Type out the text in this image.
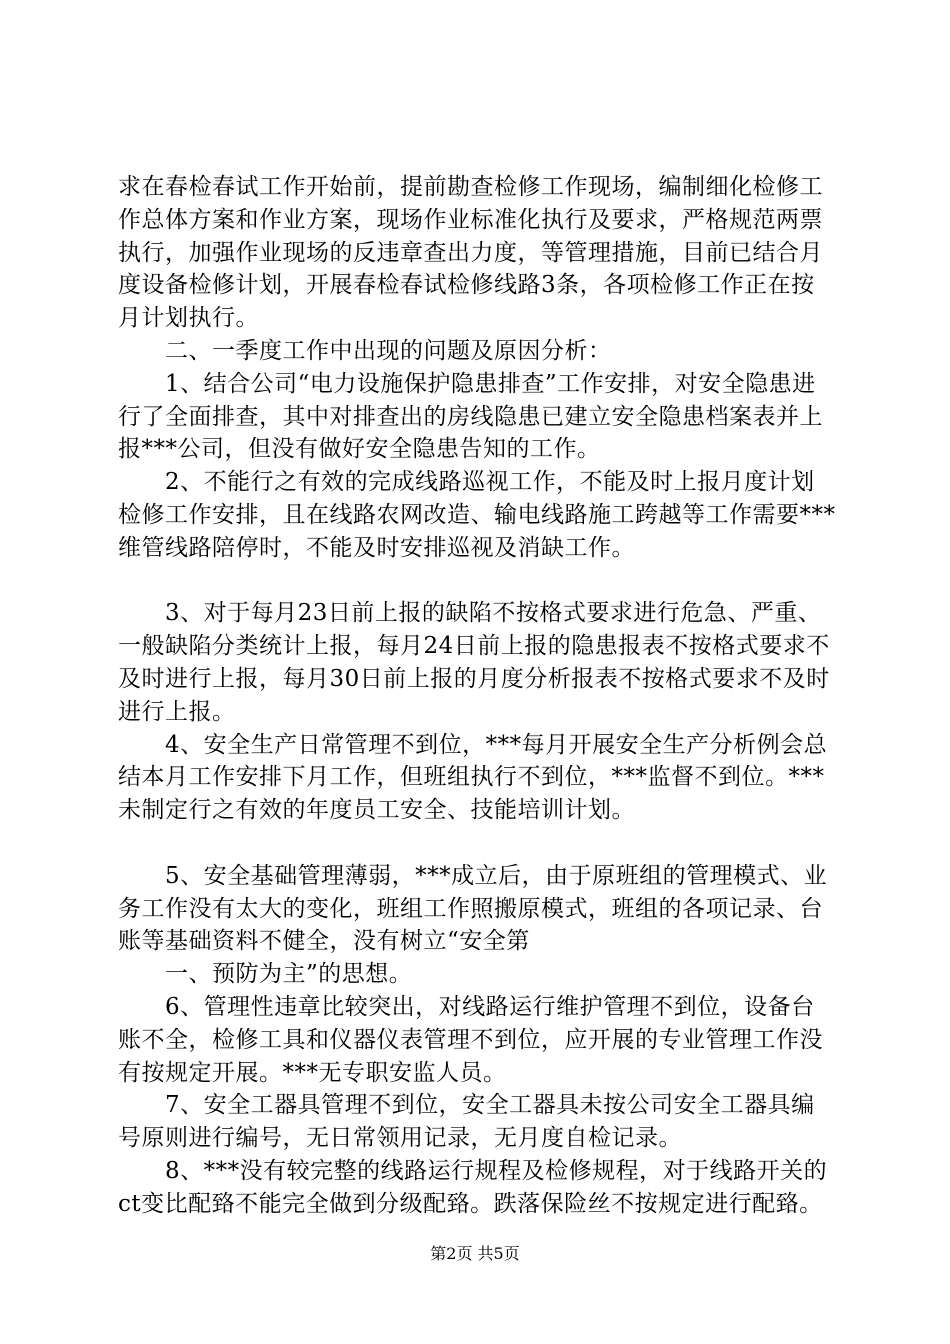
求在春检春试工作开始前，提前勘查检修工作现场，编制细化检修工作总体方案和作业方案，现场作业标准化执行及要求，严格规范两票执行，加强作业现场的反违章查出力度，等管理措施，目前已结合月度设备检修计划，开展春检春试检修线路3条，各项检修工作正在按月计划执行。

　　二、一季度工作中出现的问题及原因分析：

　　1、结合公司“电力设施保护隐患排查”工作安排，对安全隐患进行了全面排查，其中对排查出的房线隐患已建立安全隐患档案表并上报***公司，但没有做好安全隐患告知的工作。

　　2、不能行之有效的完成线路巡视工作，不能及时上报月度计划检修工作安排，且在线路农网改造、输电线路施工跨越等工作需要***维管线路陪停时，不能及时安排巡视及消缺工作。

　　3、对于每月23日前上报的缺陷不按格式要求进行危急、严重、一般缺陷分类统计上报，每月24日前上报的隐患报表不按格式要求不及时进行上报，每月30日前上报的月度分析报表不按格式要求不及时进行上报。

　　4、安全生产日常管理不到位，***每月开展安全生产分析例会总结本月工作安排下月工作，但班组执行不到位，***监督不到位。***未制定行之有效的年度员工安全、技能培训计划。

　　5、安全基础管理薄弱，***成立后，由于原班组的管理模式、业务工作没有太大的变化，班组工作照搬原模式，班组的各项记录、台账等基础资料不健全，没有树立“安全第

　　一、预防为主”的思想。

　　6、管理性违章比较突出，对线路运行维护管理不到位，设备台账不全，检修工具和仪器仪表管理不到位，应开展的专业管理工作没有按规定开展。***无专职安监人员。

　　7、安全工器具管理不到位，安全工器具未按公司安全工器具编号原则进行编号，无日常领用记录，无月度自检记录。

　　8、***没有较完整的线路运行规程及检修规程，对于线路开关的ct变比配臵不能完全做到分级配臵。跌落保险丝不按规定进行配臵。

第2页 共5页
